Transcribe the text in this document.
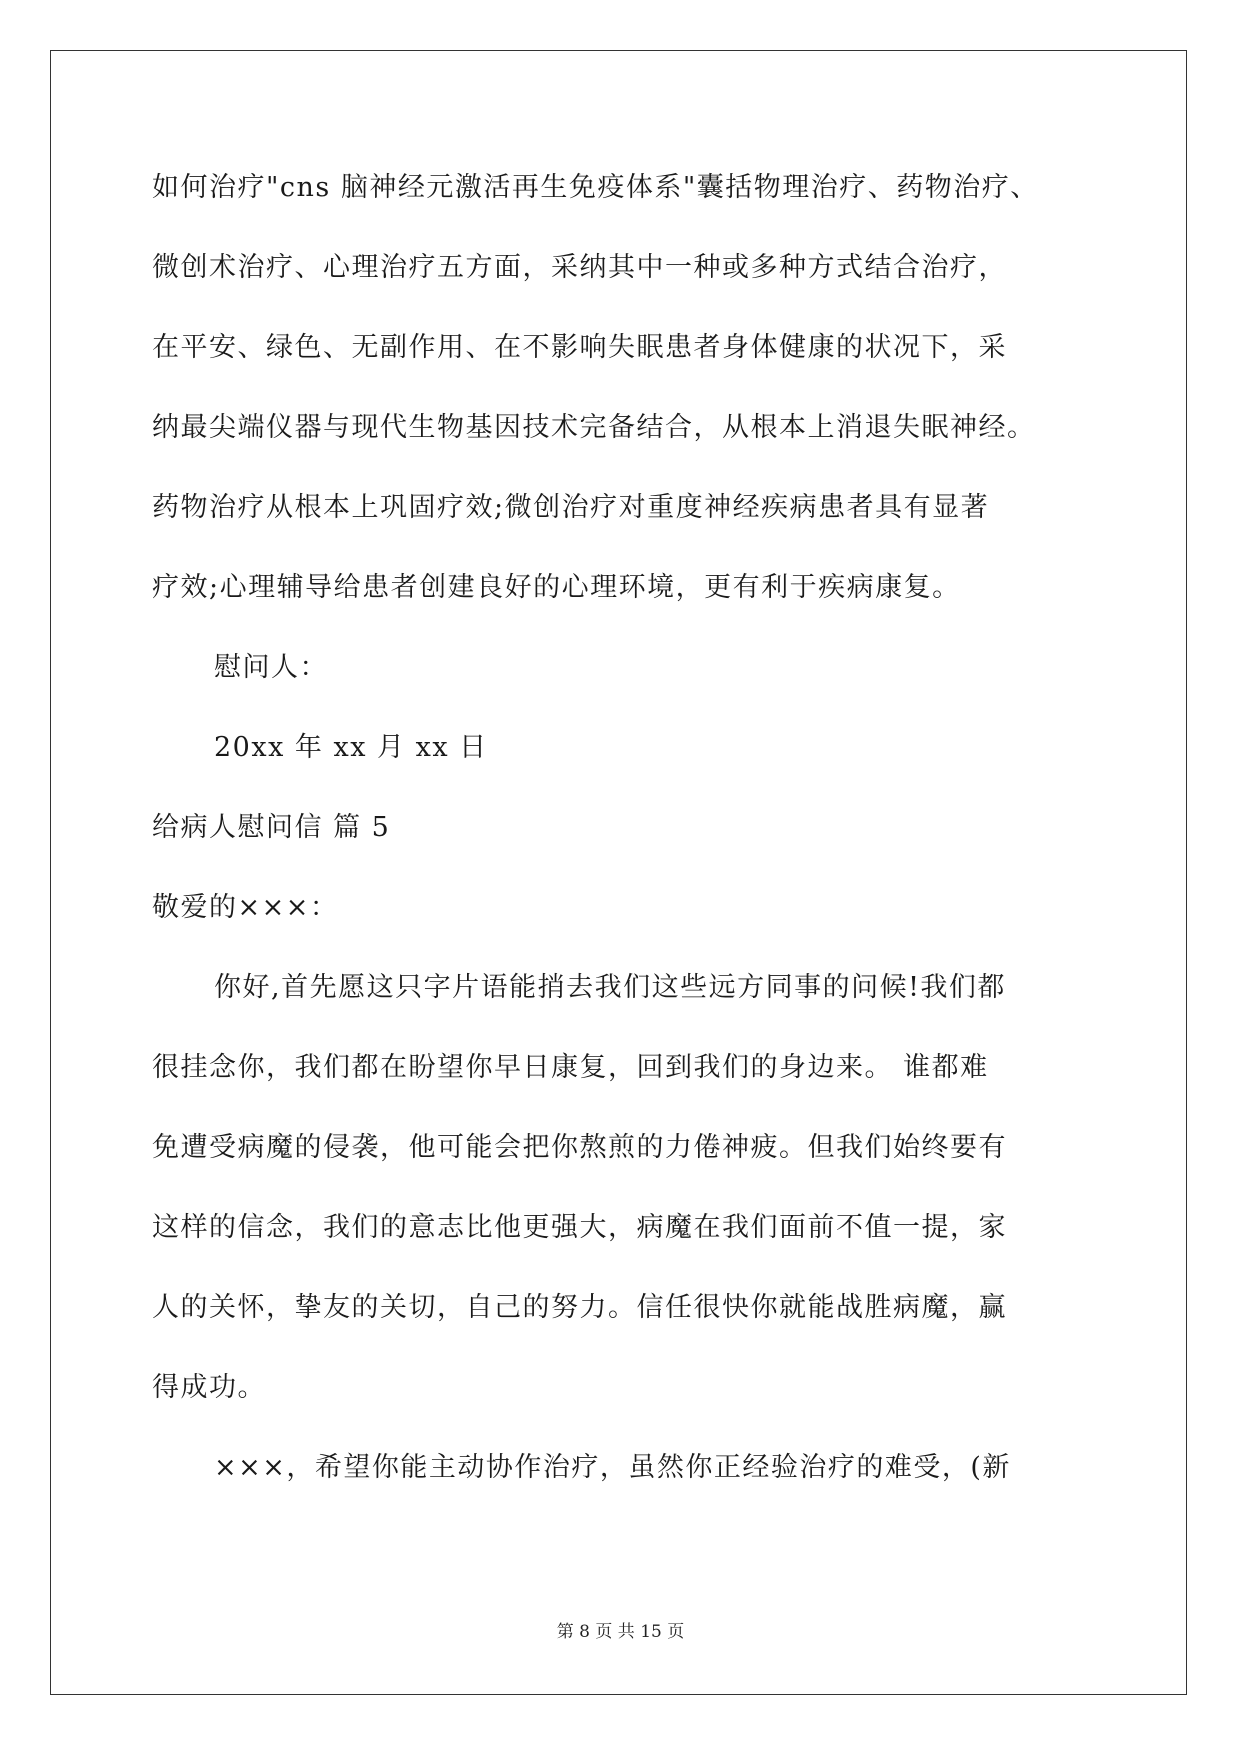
如何治疗"cns 脑神经元激活再生免疫体系"囊括物理治疗、药物治疗、
微创术治疗、心理治疗五方面，采纳其中一种或多种方式结合治疗，
在平安、绿色、无副作用、在不影响失眠患者身体健康的状况下，采
纳最尖端仪器与现代生物基因技术完备结合，从根本上消退失眠神经。
药物治疗从根本上巩固疗效;微创治疗对重度神经疾病患者具有显著
疗效;心理辅导给患者创建良好的心理环境，更有利于疾病康复。
慰问人：
20xx 年 xx 月 xx 日
给病人慰问信 篇 5
敬爱的×××：
你好,首先愿这只字片语能捎去我们这些远方同事的问候!我们都
很挂念你，我们都在盼望你早日康复，回到我们的身边来。 谁都难
免遭受病魔的侵袭，他可能会把你熬煎的力倦神疲。但我们始终要有
这样的信念，我们的意志比他更强大，病魔在我们面前不值一提，家
人的关怀，挚友的关切，自己的努力。信任很快你就能战胜病魔，赢
得成功。
×××，希望你能主动协作治疗，虽然你正经验治疗的难受，(新
第 8 页 共 15 页
